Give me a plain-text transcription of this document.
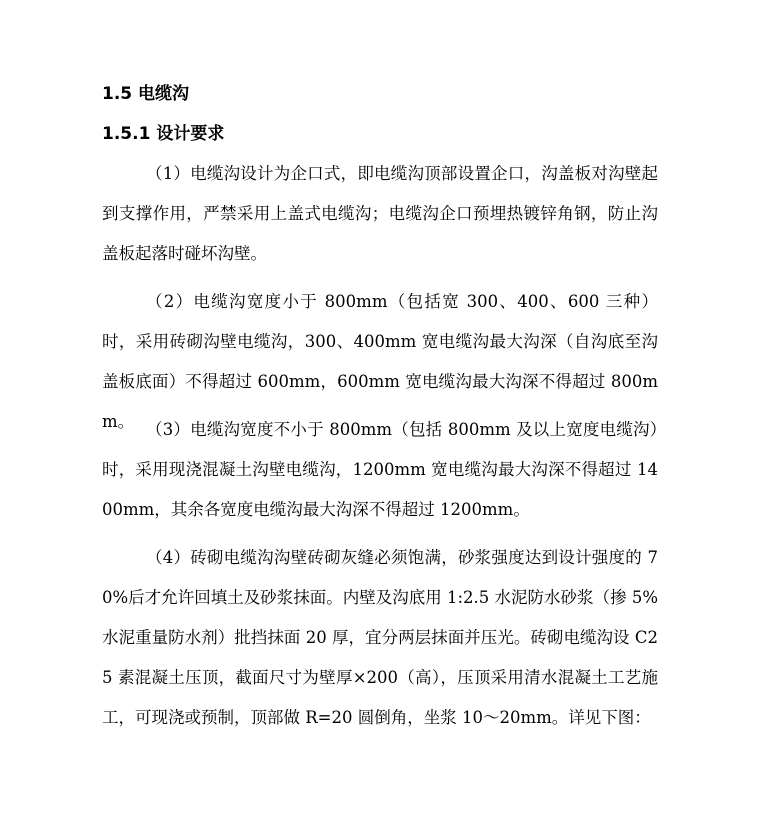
1.5 电缆沟
1.5.1 设计要求

（1）电缆沟设计为企口式，即电缆沟顶部设置企口，沟盖板对沟壁起到支撑作用，严禁采用上盖式电缆沟；电缆沟企口预埋热镀锌角钢，防止沟盖板起落时碰坏沟壁。

（2）电缆沟宽度小于 800mm（包括宽 300、400、600 三种）时，采用砖砌沟壁电缆沟，300、400mm 宽电缆沟最大沟深（自沟底至沟盖板底面）不得超过 600mm，600mm 宽电缆沟最大沟深不得超过 800mm。 （3）电缆沟宽度不小于 800mm（包括 800mm 及以上宽度电缆沟）时，采用现浇混凝土沟壁电缆沟，1200mm 宽电缆沟最大沟深不得超过 1400mm，其余各宽度电缆沟最大沟深不得超过 1200mm。

（4）砖砌电缆沟沟壁砖砌灰缝必须饱满，砂浆强度达到设计强度的 70%后才允许回填土及砂浆抹面。内壁及沟底用 1:2.5 水泥防水砂浆（掺 5%水泥重量防水剂）批挡抹面 20 厚，宜分两层抹面并压光。砖砌电缆沟设 C25 素混凝土压顶，截面尺寸为壁厚×200（高），压顶采用清水混凝土工艺施工，可现浇或预制，顶部做 R=20 圆倒角，坐浆 10～20mm。详见下图：
